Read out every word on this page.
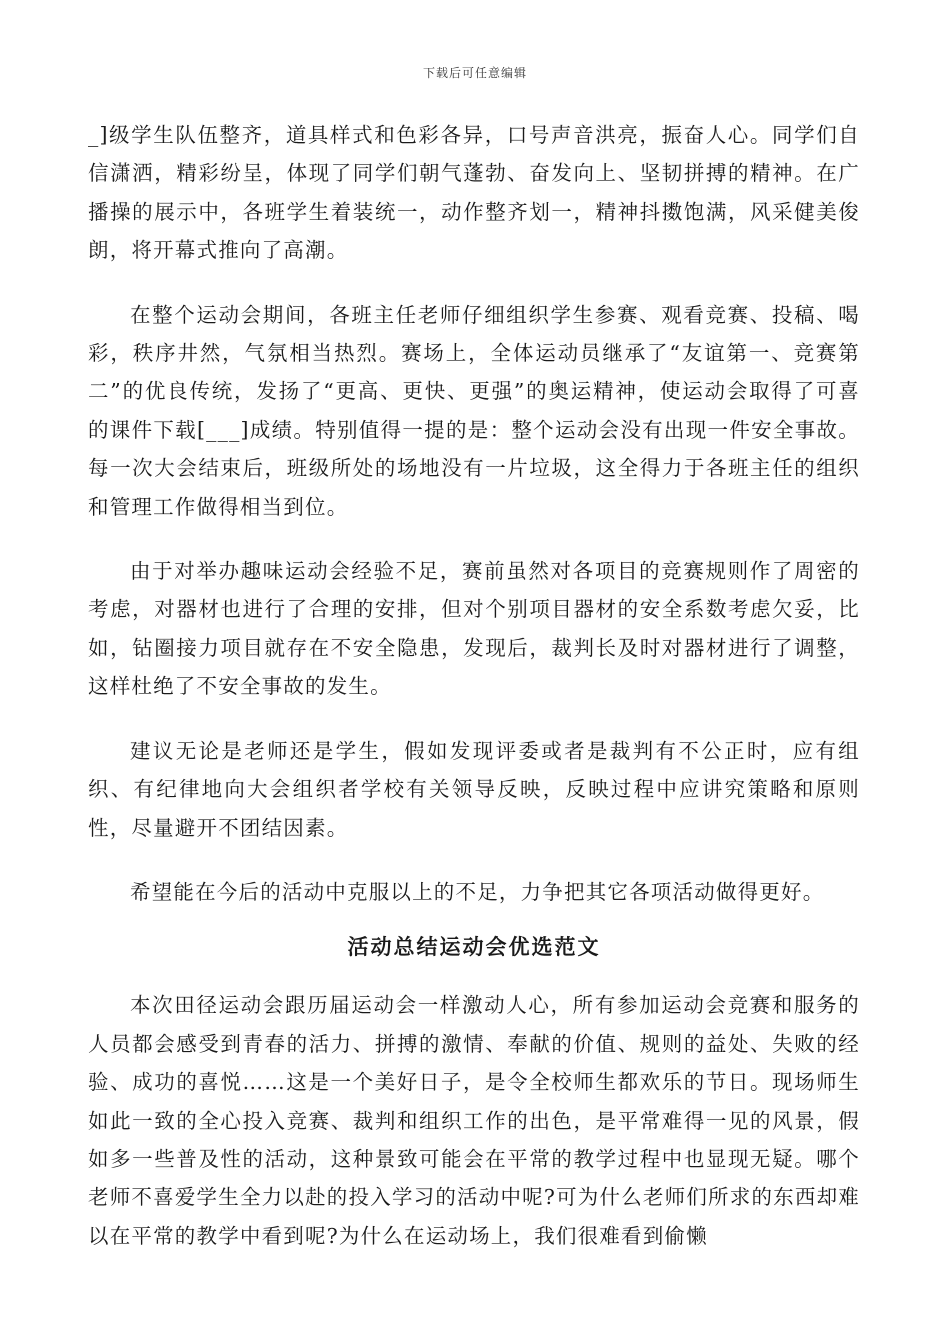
下载后可任意编辑

_]级学生队伍整齐，道具样式和色彩各异，口号声音洪亮，振奋人心。同学们自信潇洒，精彩纷呈，体现了同学们朝气蓬勃、奋发向上、坚韧拼搏的精神。在广播操的展示中，各班学生着装统一，动作整齐划一，精神抖擞饱满，风采健美俊朗，将开幕式推向了高潮。

在整个运动会期间，各班主任老师仔细组织学生参赛、观看竞赛、投稿、喝彩，秩序井然，气氛相当热烈。赛场上，全体运动员继承了“友谊第一、竞赛第二”的优良传统，发扬了“更高、更快、更强”的奥运精神，使运动会取得了可喜的课件下载[___]成绩。特别值得一提的是：整个运动会没有出现一件安全事故。每一次大会结束后，班级所处的场地没有一片垃圾，这全得力于各班主任的组织和管理工作做得相当到位。

由于对举办趣味运动会经验不足，赛前虽然对各项目的竞赛规则作了周密的考虑，对器材也进行了合理的安排，但对个别项目器材的安全系数考虑欠妥，比如，钻圈接力项目就存在不安全隐患，发现后，裁判长及时对器材进行了调整，这样杜绝了不安全事故的发生。

建议无论是老师还是学生，假如发现评委或者是裁判有不公正时，应有组织、有纪律地向大会组织者学校有关领导反映，反映过程中应讲究策略和原则性，尽量避开不团结因素。

希望能在今后的活动中克服以上的不足，力争把其它各项活动做得更好。

活动总结运动会优选范文

本次田径运动会跟历届运动会一样激动人心，所有参加运动会竞赛和服务的人员都会感受到青春的活力、拼搏的激情、奉献的价值、规则的益处、失败的经验、成功的喜悦……这是一个美好日子，是令全校师生都欢乐的节日。现场师生如此一致的全心投入竞赛、裁判和组织工作的出色，是平常难得一见的风景，假如多一些普及性的活动，这种景致可能会在平常的教学过程中也显现无疑。哪个老师不喜爱学生全力以赴的投入学习的活动中呢?可为什么老师们所求的东西却难以在平常的教学中看到呢?为什么在运动场上，我们很难看到偷懒
